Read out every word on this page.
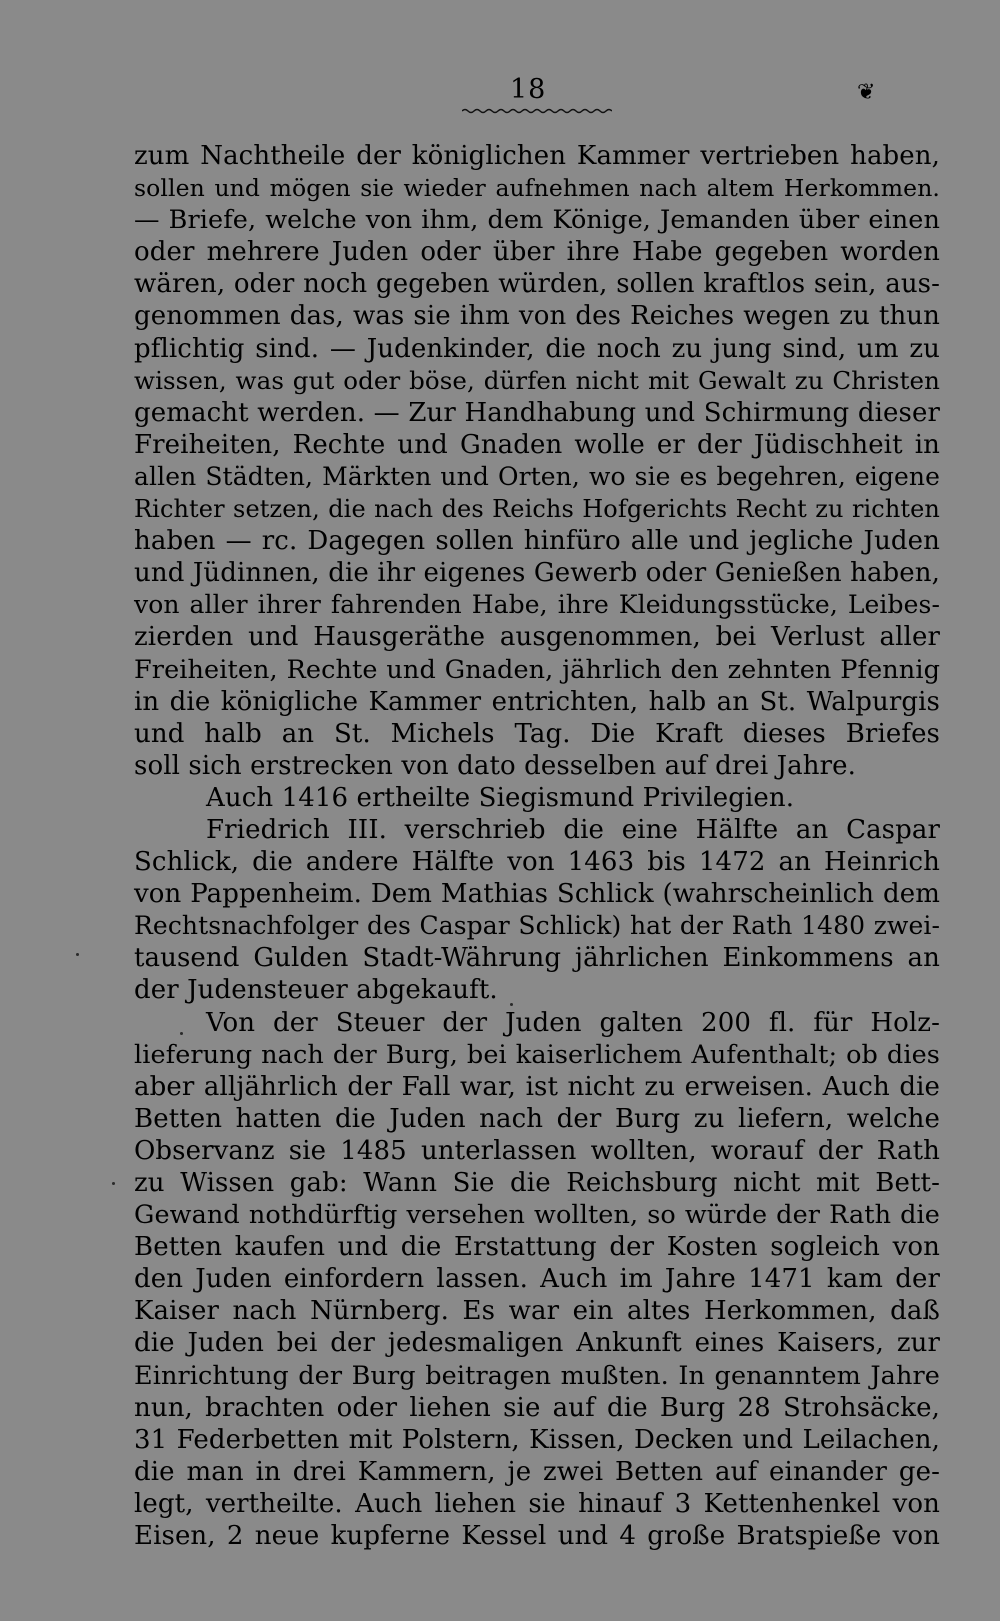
18	❦
zum Nachtheile der königlichen Kammer vertrieben haben,
sollen und mögen sie wieder aufnehmen nach altem Herkommen.
— Briefe, welche von ihm, dem Könige, Jemanden über einen
oder mehrere Juden oder über ihre Habe gegeben worden
wären, oder noch gegeben würden, sollen kraftlos sein, aus-
genommen das, was sie ihm von des Reiches wegen zu thun
pflichtig sind. — Judenkinder, die noch zu jung sind, um zu
wissen, was gut oder böse, dürfen nicht mit Gewalt zu Christen
gemacht werden. — Zur Handhabung und Schirmung dieser
Freiheiten, Rechte und Gnaden wolle er der Jüdischheit in
allen Städten, Märkten und Orten, wo sie es begehren, eigene
Richter setzen, die nach des Reichs Hofgerichts Recht zu richten
haben — rc. Dagegen sollen hinfüro alle und jegliche Juden
und Jüdinnen, die ihr eigenes Gewerb oder Genießen haben,
von aller ihrer fahrenden Habe, ihre Kleidungsstücke, Leibes-
zierden und Hausgeräthe ausgenommen, bei Verlust aller
Freiheiten, Rechte und Gnaden, jährlich den zehnten Pfennig
in die königliche Kammer entrichten, halb an St. Walpurgis
und halb an St. Michels Tag. Die Kraft dieses Briefes
soll sich erstrecken von dato desselben auf drei Jahre.
Auch 1416 ertheilte Siegismund Privilegien.
Friedrich III. verschrieb die eine Hälfte an Caspar
Schlick, die andere Hälfte von 1463 bis 1472 an Heinrich
von Pappenheim. Dem Mathias Schlick (wahrscheinlich dem
Rechtsnachfolger des Caspar Schlick) hat der Rath 1480 zwei-
tausend Gulden Stadt-Währung jährlichen Einkommens an
der Judensteuer abgekauft.
Von der Steuer der Juden galten 200 fl. für Holz-
lieferung nach der Burg, bei kaiserlichem Aufenthalt; ob dies
aber alljährlich der Fall war, ist nicht zu erweisen. Auch die
Betten hatten die Juden nach der Burg zu liefern, welche
Observanz sie 1485 unterlassen wollten, worauf der Rath
zu Wissen gab: Wann Sie die Reichsburg nicht mit Bett-
Gewand nothdürftig versehen wollten, so würde der Rath die
Betten kaufen und die Erstattung der Kosten sogleich von
den Juden einfordern lassen. Auch im Jahre 1471 kam der
Kaiser nach Nürnberg. Es war ein altes Herkommen, daß
die Juden bei der jedesmaligen Ankunft eines Kaisers, zur
Einrichtung der Burg beitragen mußten. In genanntem Jahre
nun, brachten oder liehen sie auf die Burg 28 Strohsäcke,
31 Federbetten mit Polstern, Kissen, Decken und Leilachen,
die man in drei Kammern, je zwei Betten auf einander ge-
legt, vertheilte. Auch liehen sie hinauf 3 Kettenhenkel von
Eisen, 2 neue kupferne Kessel und 4 große Bratspieße von
